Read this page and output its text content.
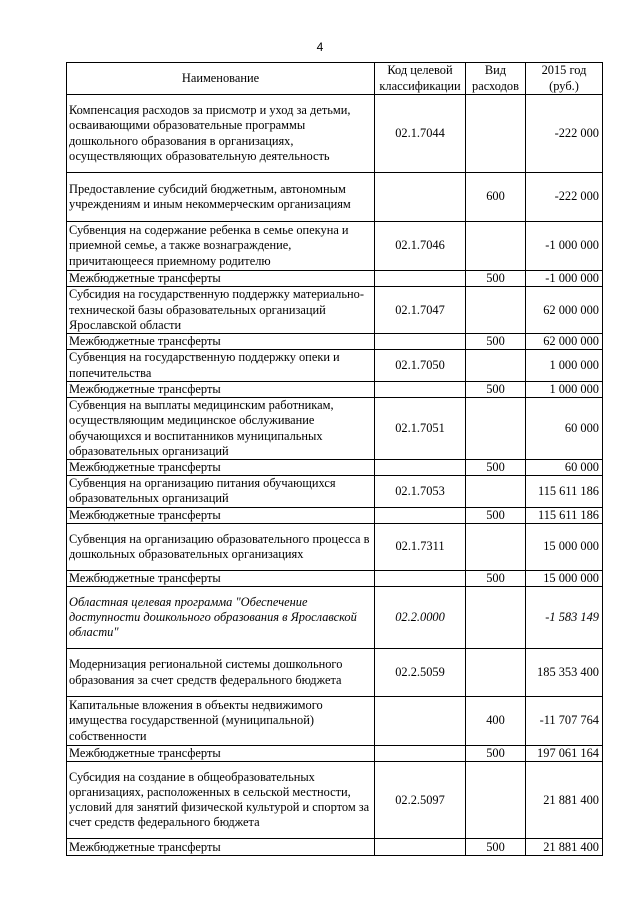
4
Наименование	Код целевой классификации	Вид расходов	2015 год (руб.)
Компенсация расходов за присмотр и уход за детьми, осваивающими образовательные программы дошкольного образования в организациях, осуществляющих образовательную деятельность	02.1.7044		-222 000
Предоставление субсидий бюджетным, автономным учреждениям и иным некоммерческим организациям		600	-222 000
Субвенция на содержание ребенка в семье опекуна и приемной семье, а также вознаграждение, причитающееся приемному родителю	02.1.7046		-1 000 000
Межбюджетные трансферты		500	-1 000 000
Субсидия на государственную поддержку материально-технической базы образовательных организаций Ярославской области	02.1.7047		62 000 000
Межбюджетные трансферты		500	62 000 000
Субвенция на государственную поддержку опеки и попечительства	02.1.7050		1 000 000
Межбюджетные трансферты		500	1 000 000
Субвенция на выплаты медицинским работникам, осуществляющим медицинское обслуживание обучающихся и воспитанников муниципальных образовательных организаций	02.1.7051		60 000
Межбюджетные трансферты		500	60 000
Субвенция на организацию питания обучающихся образовательных организаций	02.1.7053		115 611 186
Межбюджетные трансферты		500	115 611 186
Субвенция на организацию образовательного процесса в дошкольных образовательных организациях	02.1.7311		15 000 000
Межбюджетные трансферты		500	15 000 000
Областная целевая программа "Обеспечение доступности дошкольного образования в Ярославской области"	02.2.0000		-1 583 149
Модернизация региональной системы дошкольного образования за счет средств федерального бюджета	02.2.5059		185 353 400
Капитальные вложения в объекты недвижимого имущества государственной (муниципальной) собственности		400	-11 707 764
Межбюджетные трансферты		500	197 061 164
Субсидия на создание в общеобразовательных организациях, расположенных в сельской местности, условий для занятий физической культурой и спортом за счет средств федерального бюджета	02.2.5097		21 881 400
Межбюджетные трансферты		500	21 881 400
